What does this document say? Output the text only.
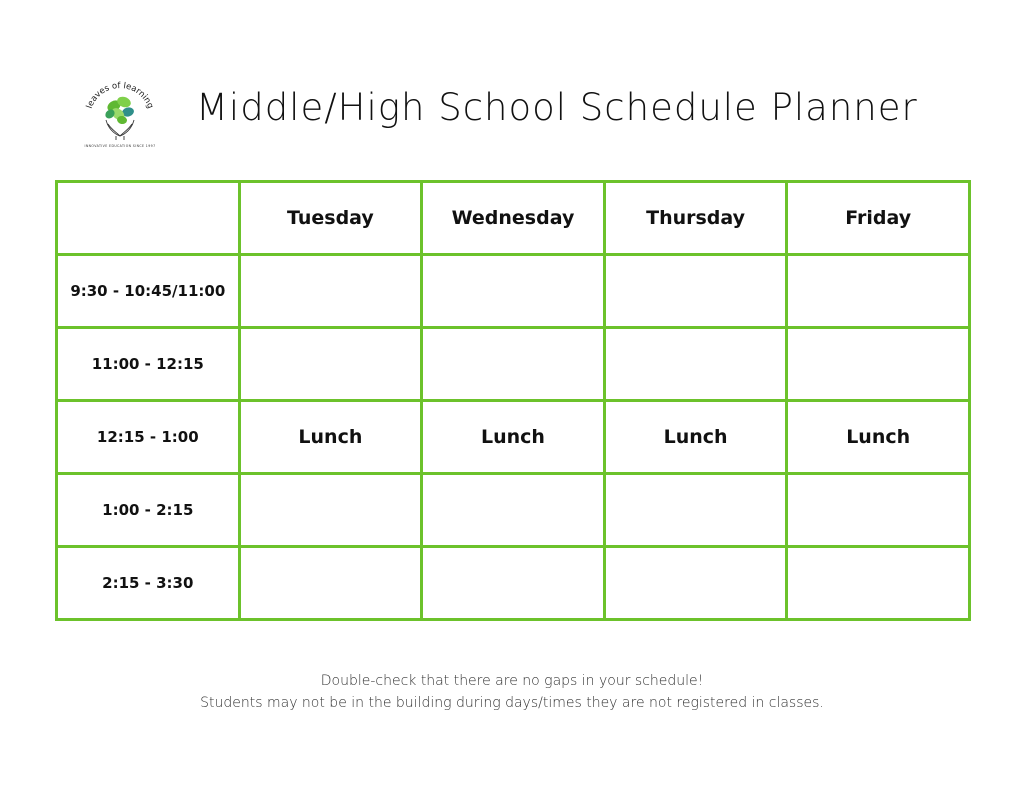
leaves of learning
INNOVATIVE EDUCATION SINCE 1997
Middle/High School Schedule Planner
	Tuesday	Wednesday	Thursday	Friday
9:30 - 10:45/11:00				
11:00 - 12:15				
12:15 - 1:00	Lunch	Lunch	Lunch	Lunch
1:00 - 2:15				
2:15 - 3:30				
Double-check that there are no gaps in your schedule!
Students may not be in the building during days/times they are not registered in classes.
